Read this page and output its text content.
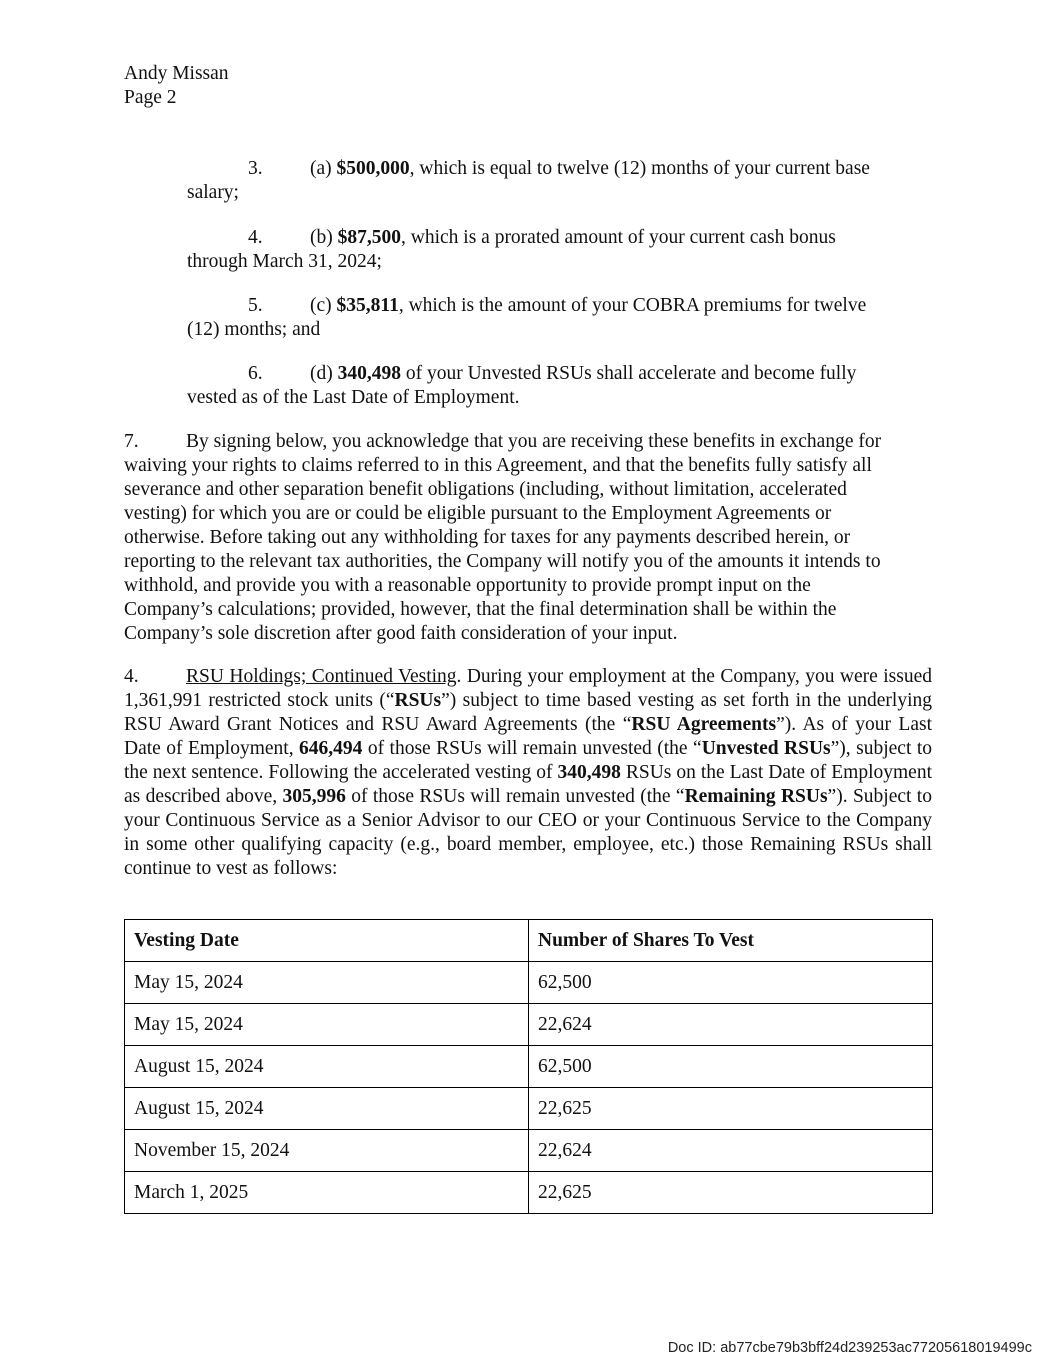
Andy Missan
Page 2
3. (a) $500,000, which is equal to twelve (12) months of your current base
salary;
4. (b) $87,500, which is a prorated amount of your current cash bonus
through March 31, 2024;
5. (c) $35,811, which is the amount of your COBRA premiums for twelve
(12) months; and
6. (d) 340,498 of your Unvested RSUs shall accelerate and become fully
vested as of the Last Date of Employment.
7. By signing below, you acknowledge that you are receiving these benefits in exchange for
waiving your rights to claims referred to in this Agreement, and that the benefits fully satisfy all
severance and other separation benefit obligations (including, without limitation, accelerated
vesting) for which you are or could be eligible pursuant to the Employment Agreements or
otherwise. Before taking out any withholding for taxes for any payments described herein, or
reporting to the relevant tax authorities, the Company will notify you of the amounts it intends to
withhold, and provide you with a reasonable opportunity to provide prompt input on the
Company’s calculations; provided, however, that the final determination shall be within the
Company’s sole discretion after good faith consideration of your input.
4. RSU Holdings; Continued Vesting. During your employment at the Company, you were issued 1,361,991 restricted stock units (“RSUs”) subject to time based vesting as set forth in the underlying RSU Award Grant Notices and RSU Award Agreements (the “RSU Agreements”). As of your Last Date of Employment, 646,494 of those RSUs will remain unvested (the “Unvested RSUs”), subject to the next sentence. Following the accelerated vesting of 340,498 RSUs on the Last Date of Employment as described above, 305,996 of those RSUs will remain unvested (the “Remaining RSUs”). Subject to your Continuous Service as a Senior Advisor to our CEO or your Continuous Service to the Company in some other qualifying capacity (e.g., board member, employee, etc.) those Remaining RSUs shall continue to vest as follows:
Vesting Date	Number of Shares To Vest
May 15, 2024	62,500
May 15, 2024	22,624
August 15, 2024	62,500
August 15, 2024	22,625
November 15, 2024	22,624
March 1, 2025	22,625
Doc ID: ab77cbe79b3bff24d239253ac77205618019499c
